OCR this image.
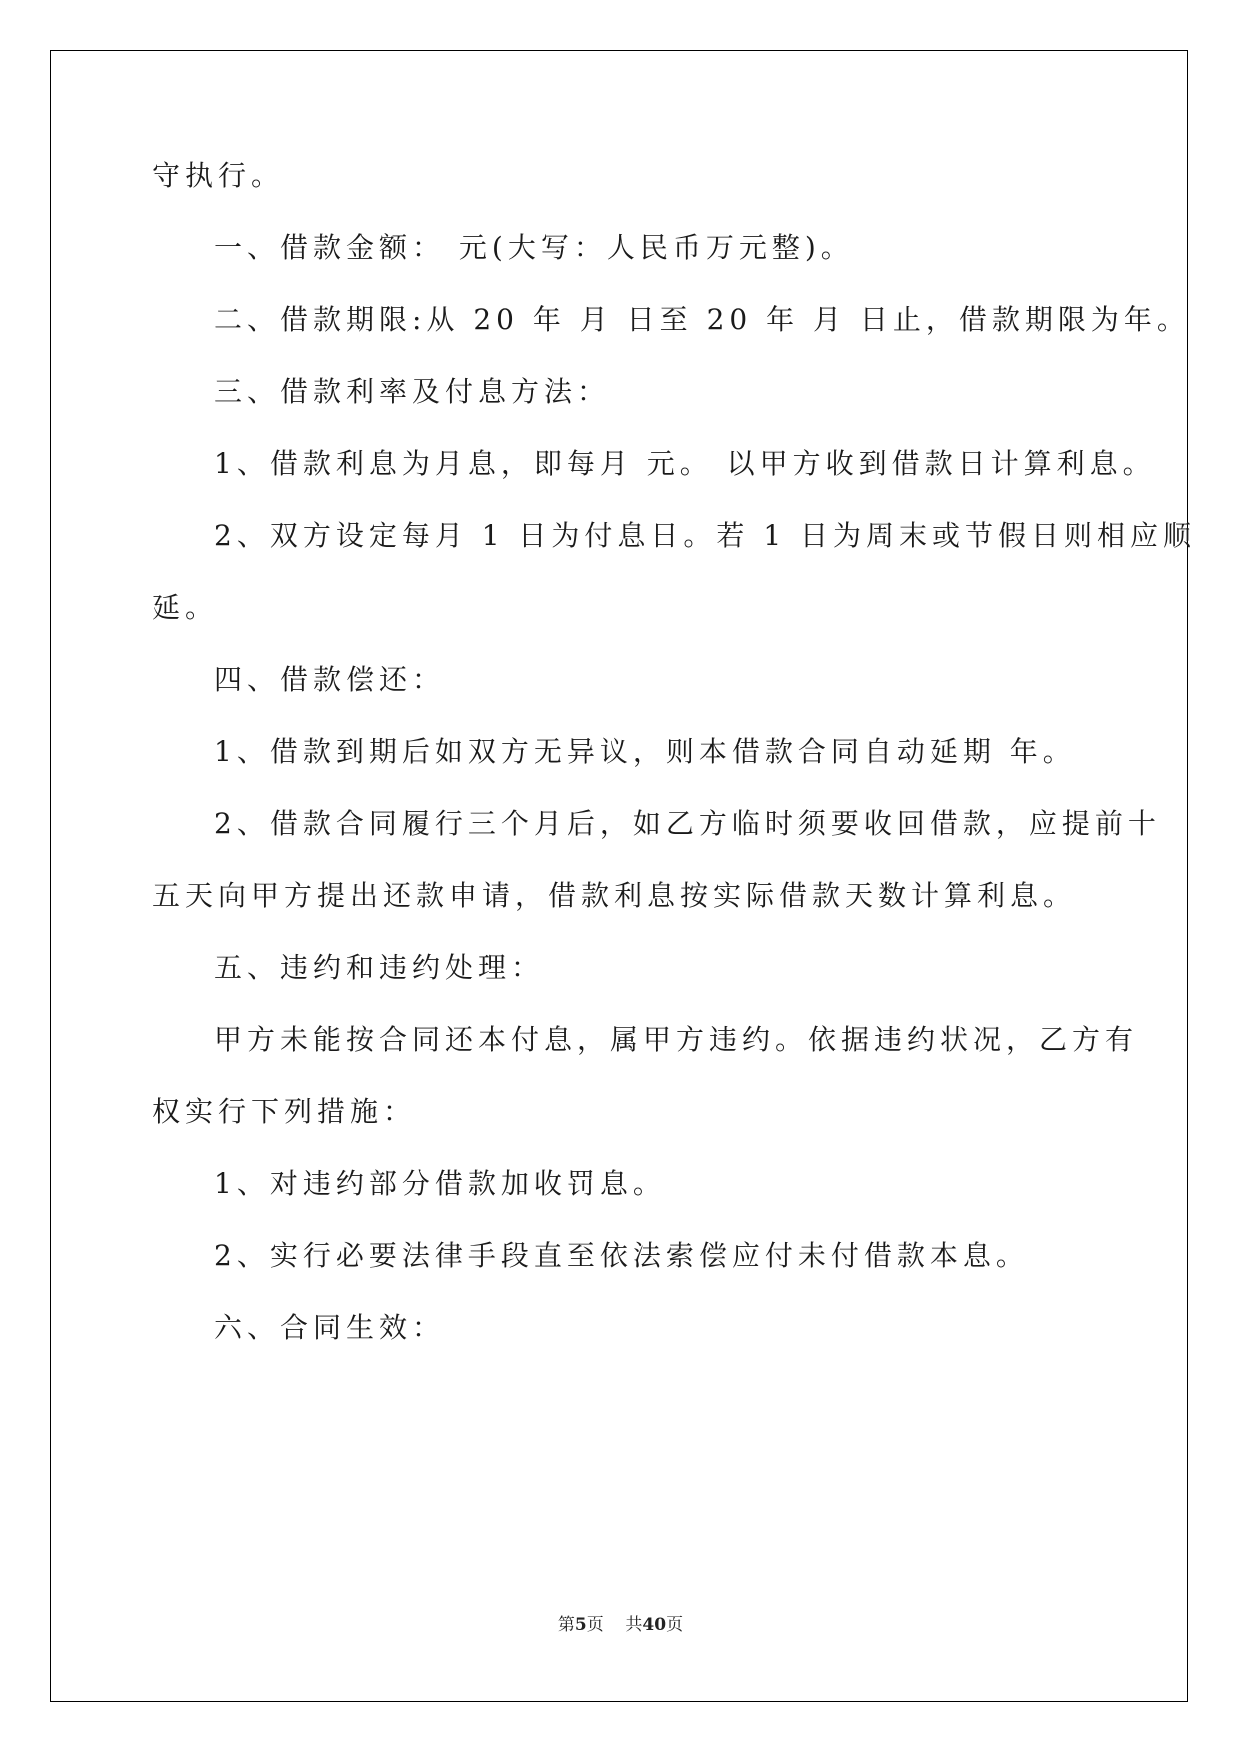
守执行。
一、借款金额： 元(大写：人民币万元整)。
二、借款期限:从 20 年 月 日至 20 年 月 日止，借款期限为年。
三、借款利率及付息方法：
1、借款利息为月息，即每月 元。 以甲方收到借款日计算利息。
2、双方设定每月 1 日为付息日。若 1 日为周末或节假日则相应顺
延。
四、借款偿还：
1、借款到期后如双方无异议，则本借款合同自动延期 年。
2、借款合同履行三个月后，如乙方临时须要收回借款，应提前十
五天向甲方提出还款申请，借款利息按实际借款天数计算利息。
五、违约和违约处理：
甲方未能按合同还本付息，属甲方违约。依据违约状况，乙方有
权实行下列措施：
1、对违约部分借款加收罚息。
2、实行必要法律手段直至依法索偿应付未付借款本息。
六、合同生效：
第5页 共40页
